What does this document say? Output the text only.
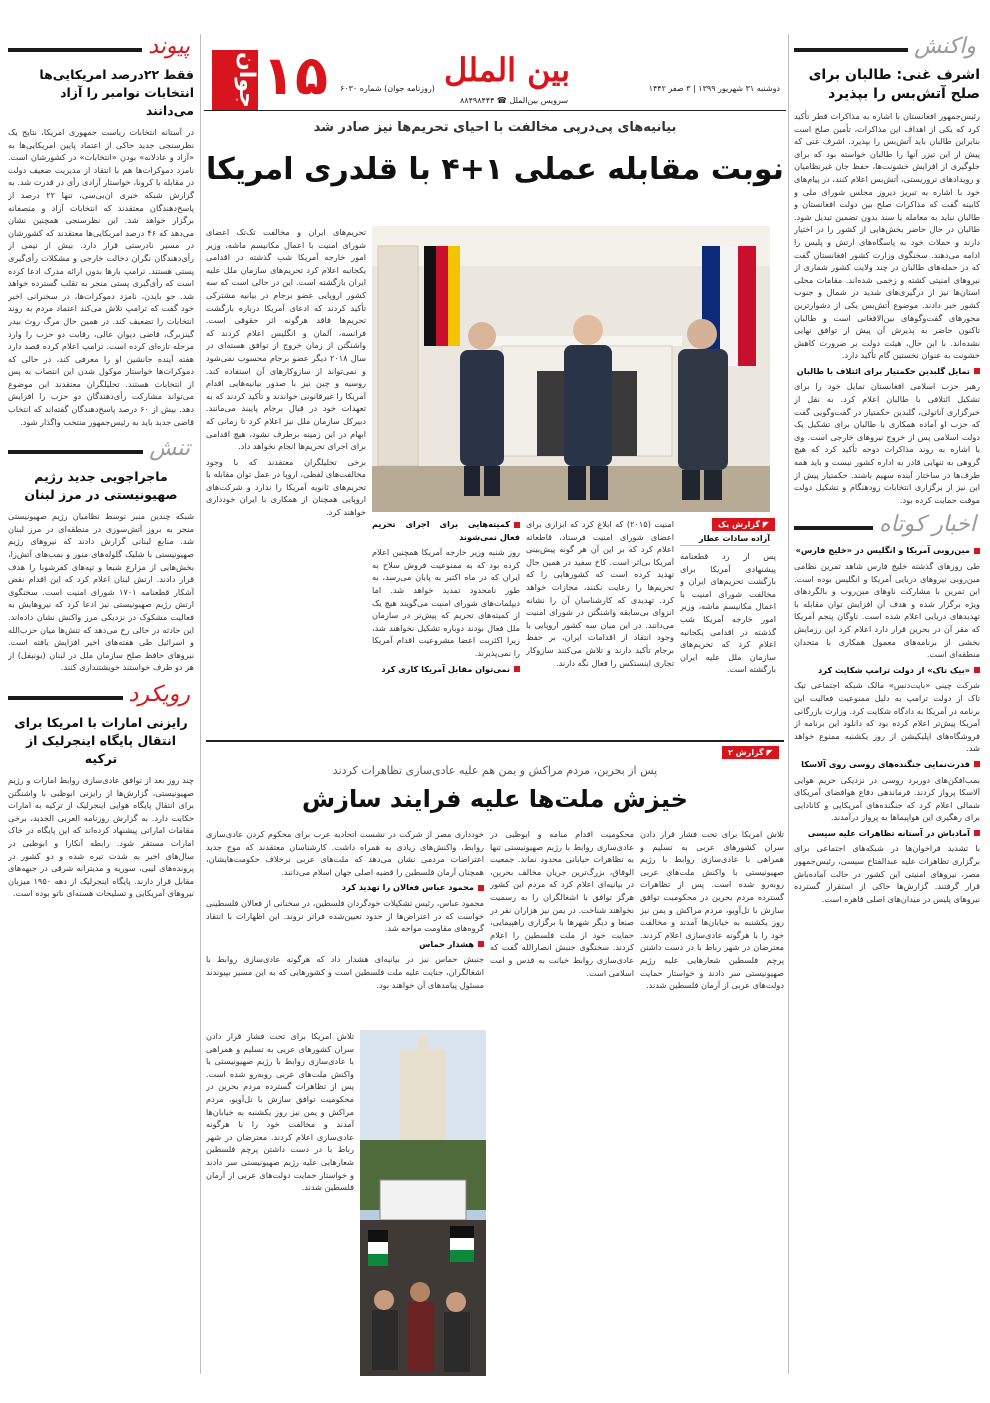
جوان ۱۵ (روزنامه جوان) شماره ۶۰۳۰ بين الملل
سرويس بين‌الملل ☎ ۸۸۴۹۸۴۴۴
دوشنبه ۳۱ شهریور ۱۳۹۹ | ۳ صفر ۱۴۴۲
واکنش
اشرف غنی: طالبان برای صلح آتش‌بس را بپذیرد

رئیس‌جمهور افغانستان با اشاره به مذاکرات قطر تأکید کرد که یکی از اهداف این مذاکرات، تأمین صلح است بنابراین طالبان باید آتش‌بس را بپذیرد. اشرف غنی که پیش از این تیزر آنها را طالبان خواسته بود که برای جلوگیری از افزایش خشونت‌ها، حفظ جان غیرنظامیان و رویدادهای تروریستی، آتش‌بس اعلام کنند، در پیام‌های خود با اشاره به تبریز دیروز مجلس شورای ملی و کابینه گفت که مذاکرات صلح بین دولت افغانستان و طالبان نباید به معامله یا سند بدون تضمین تبدیل شود. طالبان در حال حاضر بخش‌هایی از کشور را در اختیار دارند و حملات خود به پاسگاه‌های ارتش و پلیس را ادامه می‌دهند. سخنگوی وزارت کشور افغانستان گفت که در حمله‌های طالبان در چند ولایت کشور شماری از نیروهای امنیتی کشته و زخمی شده‌اند. مقامات محلی استان‌ها نیز از درگیری‌های شدید در شمال و جنوب کشور خبر دادند. موضوع آتش‌بس یکی از دشوارترین محورهای گفت‌وگوهای بین‌الافغانی است و طالبان تاکنون حاضر به پذیرش آن پیش از توافق نهایی نشده‌اند. با این حال، هیئت دولت بر ضرورت کاهش خشونت به عنوان نخستین گام تأکید دارد.

تمایل گلبدین حکمتیار برای ائتلاف با طالبان

رهبر حزب اسلامی افغانستان تمایل خود را برای تشکیل ائتلافی با طالبان اعلام کرد. به نقل از خبرگزاری آناتولی، گلبدین حکمتیار در گفت‌وگویی گفت که حزب او آماده همکاری با طالبان برای تشکیل یک دولت اسلامی پس از خروج نیروهای خارجی است. وی با اشاره به روند مذاکرات دوحه تأکید کرد که هیچ گروهی به تنهایی قادر به اداره کشور نیست و باید همه طرف‌ها در ساختار آینده سهیم باشند. حکمتیار پیش از این نیز از برگزاری انتخابات زودهنگام و تشکیل دولت موقت حمایت کرده بود.

اخبار کوتاه

مین‌روبی آمریکا و انگلیس در «خلیج فارس»

طی روزهای گذشته خلیج فارس شاهد تمرین نظامی مین‌روبی نیروهای دریایی آمریکا و انگلیس بوده است. این تمرین با مشارکت ناوهای مین‌روب و بالگردهای ویژه برگزار شده و هدف آن افزایش توان مقابله با تهدیدهای دریایی اعلام شده است. ناوگان پنجم آمریکا که مقر آن در بحرین قرار دارد اعلام کرد این رزمایش بخشی از برنامه‌های معمول همکاری با متحدان منطقه‌ای است.

«بیک تاک» از دولت ترامپ شکایت کرد

شرکت چینی «بایت‌دنس» مالک شبکه اجتماعی تیک تاک از دولت ترامپ به دلیل ممنوعیت فعالیت این برنامه در آمریکا به دادگاه شکایت کرد. وزارت بازرگانی آمریکا پیش‌تر اعلام کرده بود که دانلود این برنامه از فروشگاه‌های اپلیکیشن از روز یکشنبه ممنوع خواهد شد.

قدرت‌نمایی جنگنده‌های روسی روی آلاسکا

بمب‌افکن‌های دوربرد روسی در نزدیکی حریم هوایی آلاسکا پرواز کردند. فرماندهی دفاع هوافضای آمریکای شمالی اعلام کرد که جنگنده‌های آمریکایی و کانادایی برای رهگیری این هواپیماها به پرواز درآمدند.

آمادباش در آستانه تظاهرات علیه سیسی

با تشدید فراخوان‌ها در شبکه‌های اجتماعی برای برگزاری تظاهرات علیه عبدالفتاح سیسی، رئیس‌جمهور مصر، نیروهای امنیتی این کشور در حالت آماده‌باش قرار گرفتند. گزارش‌ها حاکی از استقرار گسترده نیروهای پلیس در میدان‌های اصلی قاهره است.

پیوند
فقط ۲۲درصد امریکایی‌ها انتخابات نوامبر را آزاد می‌دانند

در آستانه انتخابات ریاست جمهوری امریکا، نتایج یک نظرسنجی جدید حاکی از اعتماد پایین امریکایی‌ها به «آزاد و عادلانه» بودن «انتخابات» در کشورشان است. نامزد دموکرات‌ها هم با انتقاد از مدیریت ضعیف دولت در مقابله با کرونا، خواستار آزادی رأی در قدرت شد. به گزارش شبکه خبری ان‌بی‌سی، تنها ۲۲ درصد از پاسخ‌دهندگان معتقدند که انتخابات آزاد و منصفانه برگزار خواهد شد. این نظرسنجی همچنین نشان می‌دهد که ۴۶ درصد امریکایی‌ها معتقدند که کشورشان در مسیر نادرستی قرار دارد. بیش از نیمی از رأی‌دهندگان نگران دخالت خارجی و مشکلات رأی‌گیری پستی هستند. ترامپ بارها بدون ارائه مدرک ادعا کرده است که رأی‌گیری پستی منجر به تقلب گسترده خواهد شد. جو بایدن، نامزد دموکرات‌ها، در سخنرانی اخیر خود گفت که ترامپ تلاش می‌کند اعتماد مردم به روند انتخابات را تضعیف کند. در همین حال مرگ روث بیدر گینزبرگ، قاضی دیوان عالی، رقابت دو حزب را وارد مرحله تازه‌ای کرده است. ترامپ اعلام کرده قصد دارد هفته آینده جانشین او را معرفی کند، در حالی که دموکرات‌ها خواستار موکول شدن این انتصاب به پس از انتخابات هستند. تحلیلگران معتقدند این موضوع می‌تواند مشارکت رأی‌دهندگان دو حزب را افزایش دهد. بیش از ۶۰ درصد پاسخ‌دهندگان گفته‌اند که انتخاب قاضی جدید باید به رئیس‌جمهور منتخب واگذار شود.

تنش
ماجراجویی جدید رژیم صهیونیستی در مرز لبنان

شبکه چندین منبر توسط نظامیان رژیم صهیونیستی منجر به بروز آتش‌سوزی در منطقه‌ای در مرز لبنان شد. منابع لبنانی گزارش دادند که نیروهای رژیم صهیونیستی با شلیک گلوله‌های منور و بمب‌های آتش‌زا، بخش‌هایی از مزارع شبعا و تپه‌های کفرشوبا را هدف قرار دادند. ارتش لبنان اعلام کرد که این اقدام نقض آشکار قطعنامه ۱۷۰۱ شورای امنیت است. سخنگوی ارتش رژیم صهیونیستی نیز ادعا کرد که نیروهایش به فعالیت مشکوک در نزدیکی مرز واکنش نشان داده‌اند. این حادثه در حالی رخ می‌دهد که تنش‌ها میان حزب‌الله و اسرائیل طی هفته‌های اخیر افزایش یافته است. نیروهای حافظ صلح سازمان ملل در لبنان (یونیفل) از هر دو طرف خواستند خویشتنداری کنند.

رویکرد
رایزنی امارات با امریکا برای انتقال پایگاه اینجرلیک از ترکیه

چند روز بعد از توافق عادی‌سازی روابط امارات و رژیم صهیونیستی، گزارش‌ها از رایزنی ابوظبی با واشنگتن برای انتقال پایگاه هوایی اینجرلیک از ترکیه به امارات حکایت دارد. به گزارش روزنامه العربی الجدید، برخی مقامات اماراتی پیشنهاد کرده‌اند که این پایگاه در خاک امارات مستقر شود. رابطه آنکارا و ابوظبی در سال‌های اخیر به شدت تیره شده و دو کشور در پرونده‌های لیبی، سوریه و مدیترانه شرقی در جبهه‌های مقابل قرار دارند. پایگاه اینجرلیک از دهه ۱۹۵۰ میزبان نیروهای آمریکایی و تسلیحات هسته‌ای ناتو بوده است.

بیانیه‌های پی‌درپی مخالفت با احیای تحریم‌ها نیز صادر شد
نوبت مقابله عملی ۱+۴ با قلدری امریکا

تحریم‌های ایران و مخالفت تک‌تک اعضای شورای امنیت با اعمال مکانیسم ماشه، وزیر امور خارجه آمریکا شب گذشته در اقدامی یکجانبه اعلام کرد تحریم‌های سازمان ملل علیه ایران بازگشته است. این در حالی است که سه کشور اروپایی عضو برجام در بیانیه مشترکی تأکید کردند که ادعای آمریکا درباره بازگشت تحریم‌ها فاقد هرگونه اثر حقوقی است. فرانسه، آلمان و انگلیس اعلام کردند که واشنگتن از زمان خروج از توافق هسته‌ای در سال ۲۰۱۸ دیگر عضو برجام محسوب نمی‌شود و نمی‌تواند از سازوکارهای آن استفاده کند. روسیه و چین نیز با صدور بیانیه‌هایی اقدام آمریکا را غیرقانونی خواندند و تأکید کردند که به تعهدات خود در قبال برجام پایبند می‌مانند. دبیرکل سازمان ملل نیز اعلام کرد تا زمانی که ابهام در این زمینه برطرف نشود، هیچ اقدامی برای اجرای تحریم‌ها انجام نخواهد داد.

برخی تحلیلگران معتقدند که با وجود مخالفت‌های لفظی، اروپا در عمل توان مقابله با تحریم‌های ثانویه آمریکا را ندارد و شرکت‌های اروپایی همچنان از همکاری با ایران خودداری خواهند کرد.

◤ گزارش یک
آزاده سادات عطار

پس از رد قطعنامه پیشنهادی آمریکا برای بازگشت تحریم‌های ایران و مخالفت شورای امنیت با اعمال مکانیسم ماشه، وزیر امور خارجه آمریکا شب گذشته در اقدامی یکجانبه اعلام کرد که تحریم‌های سازمان ملل علیه ایران بازگشته است.

امنیت (۲۰۱۵) که ابلاغ کرد که ابزاری برای اعضای شورای امنیت فرستاد، قاطعانه اعلام کرد که بر این آن هر گونه پیش‌بینی آمریکا بی‌اثر است. کاخ سفید در همین حال تهدید کرده است که کشورهایی را که تحریم‌ها را رعایت نکنند، مجازات خواهد کرد. تهدیدی که کارشناسان آن را نشانه انزوای بی‌سابقه واشنگتن در شورای امنیت می‌دانند. در این میان سه کشور اروپایی با وجود انتقاد از اقدامات ایران، بر حفظ برجام تأکید دارند و تلاش می‌کنند سازوکار تجاری اینستکس را فعال نگه دارند.

کمیته‌هایی برای اجرای تحریم فعال نمی‌شوند

روز شنبه وزیر خارجه آمریکا همچنین اعلام کرده بود که به ممنوعیت فروش سلاح به ایران که در ماه اکتبر به پایان می‌رسد، به طور نامحدود تمدید خواهد شد. اما دیپلمات‌های شورای امنیت می‌گویند هیچ یک از کمیته‌های تحریم که پیش‌تر در سازمان ملل فعال بودند دوباره تشکیل نخواهند شد، زیرا اکثریت اعضا مشروعیت اقدام آمریکا را نمی‌پذیرند.

نمی‌توان مقابل آمریکا کاری کرد

◤ گزارش ۲
پس از بحرین، مردم مراکش و یمن هم علیه عادی‌سازی تظاهرات کردند
خیزش ملت‌ها علیه فرایند سازش

تلاش امریکا برای تحت فشار قرار دادن سران کشورهای عربی به تسلیم و همراهی با عادی‌سازی روابط با رژیم صهیونیستی با واکنش ملت‌های عربی روبه‌رو شده است. پس از تظاهرات گسترده مردم بحرین در محکومیت توافق سازش با تل‌آویو، مردم مراکش و یمن نیز روز یکشنبه به خیابان‌ها آمدند و مخالفت خود را با هرگونه عادی‌سازی اعلام کردند. معترضان در شهر رباط با در دست داشتن پرچم فلسطین شعارهایی علیه رژیم صهیونیستی سر دادند و خواستار حمایت دولت‌های عربی از آرمان فلسطین شدند.

محکومیت اقدام منامه و ابوظبی در عادی‌سازی روابط با رژیم صهیونیستی تنها به تظاهرات خیابانی محدود نماند. جمعیت الوفاق، بزرگ‌ترین جریان مخالف بحرین، در بیانیه‌ای اعلام کرد که مردم این کشور هرگز توافق با اشغالگران را به رسمیت نخواهند شناخت. در یمن نیز هزاران نفر در صنعا و دیگر شهرها با برگزاری راهپیمایی، حمایت خود از ملت فلسطین را اعلام کردند. سخنگوی جنبش انصارالله گفت که عادی‌سازی روابط خیانت به قدس و امت اسلامی است.

خودداری مصر از شرکت در نشست اتحادیه عرب برای محکوم کردن عادی‌سازی روابط، واکنش‌های زیادی به همراه داشت. کارشناسان معتقدند که موج جدید اعتراضات مردمی نشان می‌دهد که ملت‌های عربی برخلاف حکومت‌هایشان، همچنان آرمان فلسطین را قضیه اصلی جهان اسلام می‌دانند.

محمود عباس فعالان را تهدید کرد

محمود عباس، رئیس تشکیلات خودگردان فلسطین، در سخنانی از فعالان فلسطینی خواست که در اعتراض‌ها از حدود تعیین‌شده فراتر نروند. این اظهارات با انتقاد گروه‌های مقاومت مواجه شد.

هشدار حماس

جنبش حماس نیز در بیانیه‌ای هشدار داد که هرگونه عادی‌سازی روابط با اشغالگران، جنایت علیه ملت فلسطین است و کشورهایی که به این مسیر بپیوندند مسئول پیامدهای آن خواهند بود.

تلاش امریکا برای تحت فشار قرار دادن سران کشورهای عربی به تسلیم و همراهی با عادی‌سازی روابط با رژیم صهیونیستی با واکنش ملت‌های عربی روبه‌رو شده است. پس از تظاهرات گسترده مردم بحرین در محکومیت توافق سازش با تل‌آویو، مردم مراکش و یمن نیز روز یکشنبه به خیابان‌ها آمدند و مخالفت خود را با هرگونه عادی‌سازی اعلام کردند. معترضان در شهر رباط با در دست داشتن پرچم فلسطین شعارهایی علیه رژیم صهیونیستی سر دادند و خواستار حمایت دولت‌های عربی از آرمان فلسطین شدند.
